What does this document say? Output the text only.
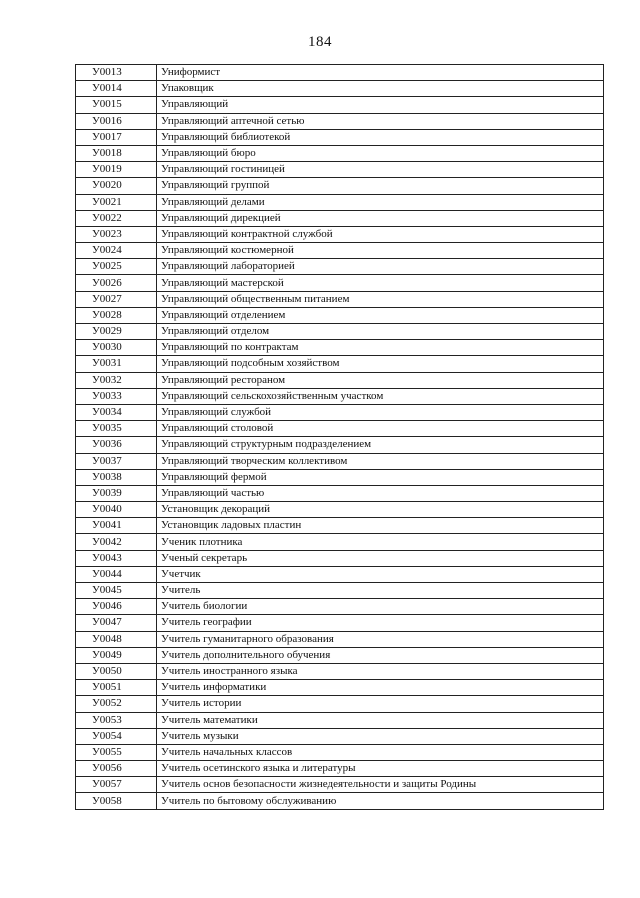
184
У0013	Униформист
У0014	Упаковщик
У0015	Управляющий
У0016	Управляющий аптечной сетью
У0017	Управляющий библиотекой
У0018	Управляющий бюро
У0019	Управляющий гостиницей
У0020	Управляющий группой
У0021	Управляющий делами
У0022	Управляющий дирекцией
У0023	Управляющий контрактной службой
У0024	Управляющий костюмерной
У0025	Управляющий лабораторией
У0026	Управляющий мастерской
У0027	Управляющий общественным питанием
У0028	Управляющий отделением
У0029	Управляющий отделом
У0030	Управляющий по контрактам
У0031	Управляющий подсобным хозяйством
У0032	Управляющий рестораном
У0033	Управляющий сельскохозяйственным участком
У0034	Управляющий службой
У0035	Управляющий столовой
У0036	Управляющий структурным подразделением
У0037	Управляющий творческим коллективом
У0038	Управляющий фермой
У0039	Управляющий частью
У0040	Установщик декораций
У0041	Установщик ладовых пластин
У0042	Ученик плотника
У0043	Ученый секретарь
У0044	Учетчик
У0045	Учитель
У0046	Учитель биологии
У0047	Учитель географии
У0048	Учитель гуманитарного образования
У0049	Учитель дополнительного обучения
У0050	Учитель иностранного языка
У0051	Учитель информатики
У0052	Учитель истории
У0053	Учитель математики
У0054	Учитель музыки
У0055	Учитель начальных классов
У0056	Учитель осетинского языка и литературы
У0057	Учитель основ безопасности жизнедеятельности и защиты Родины
У0058	Учитель по бытовому обслуживанию
